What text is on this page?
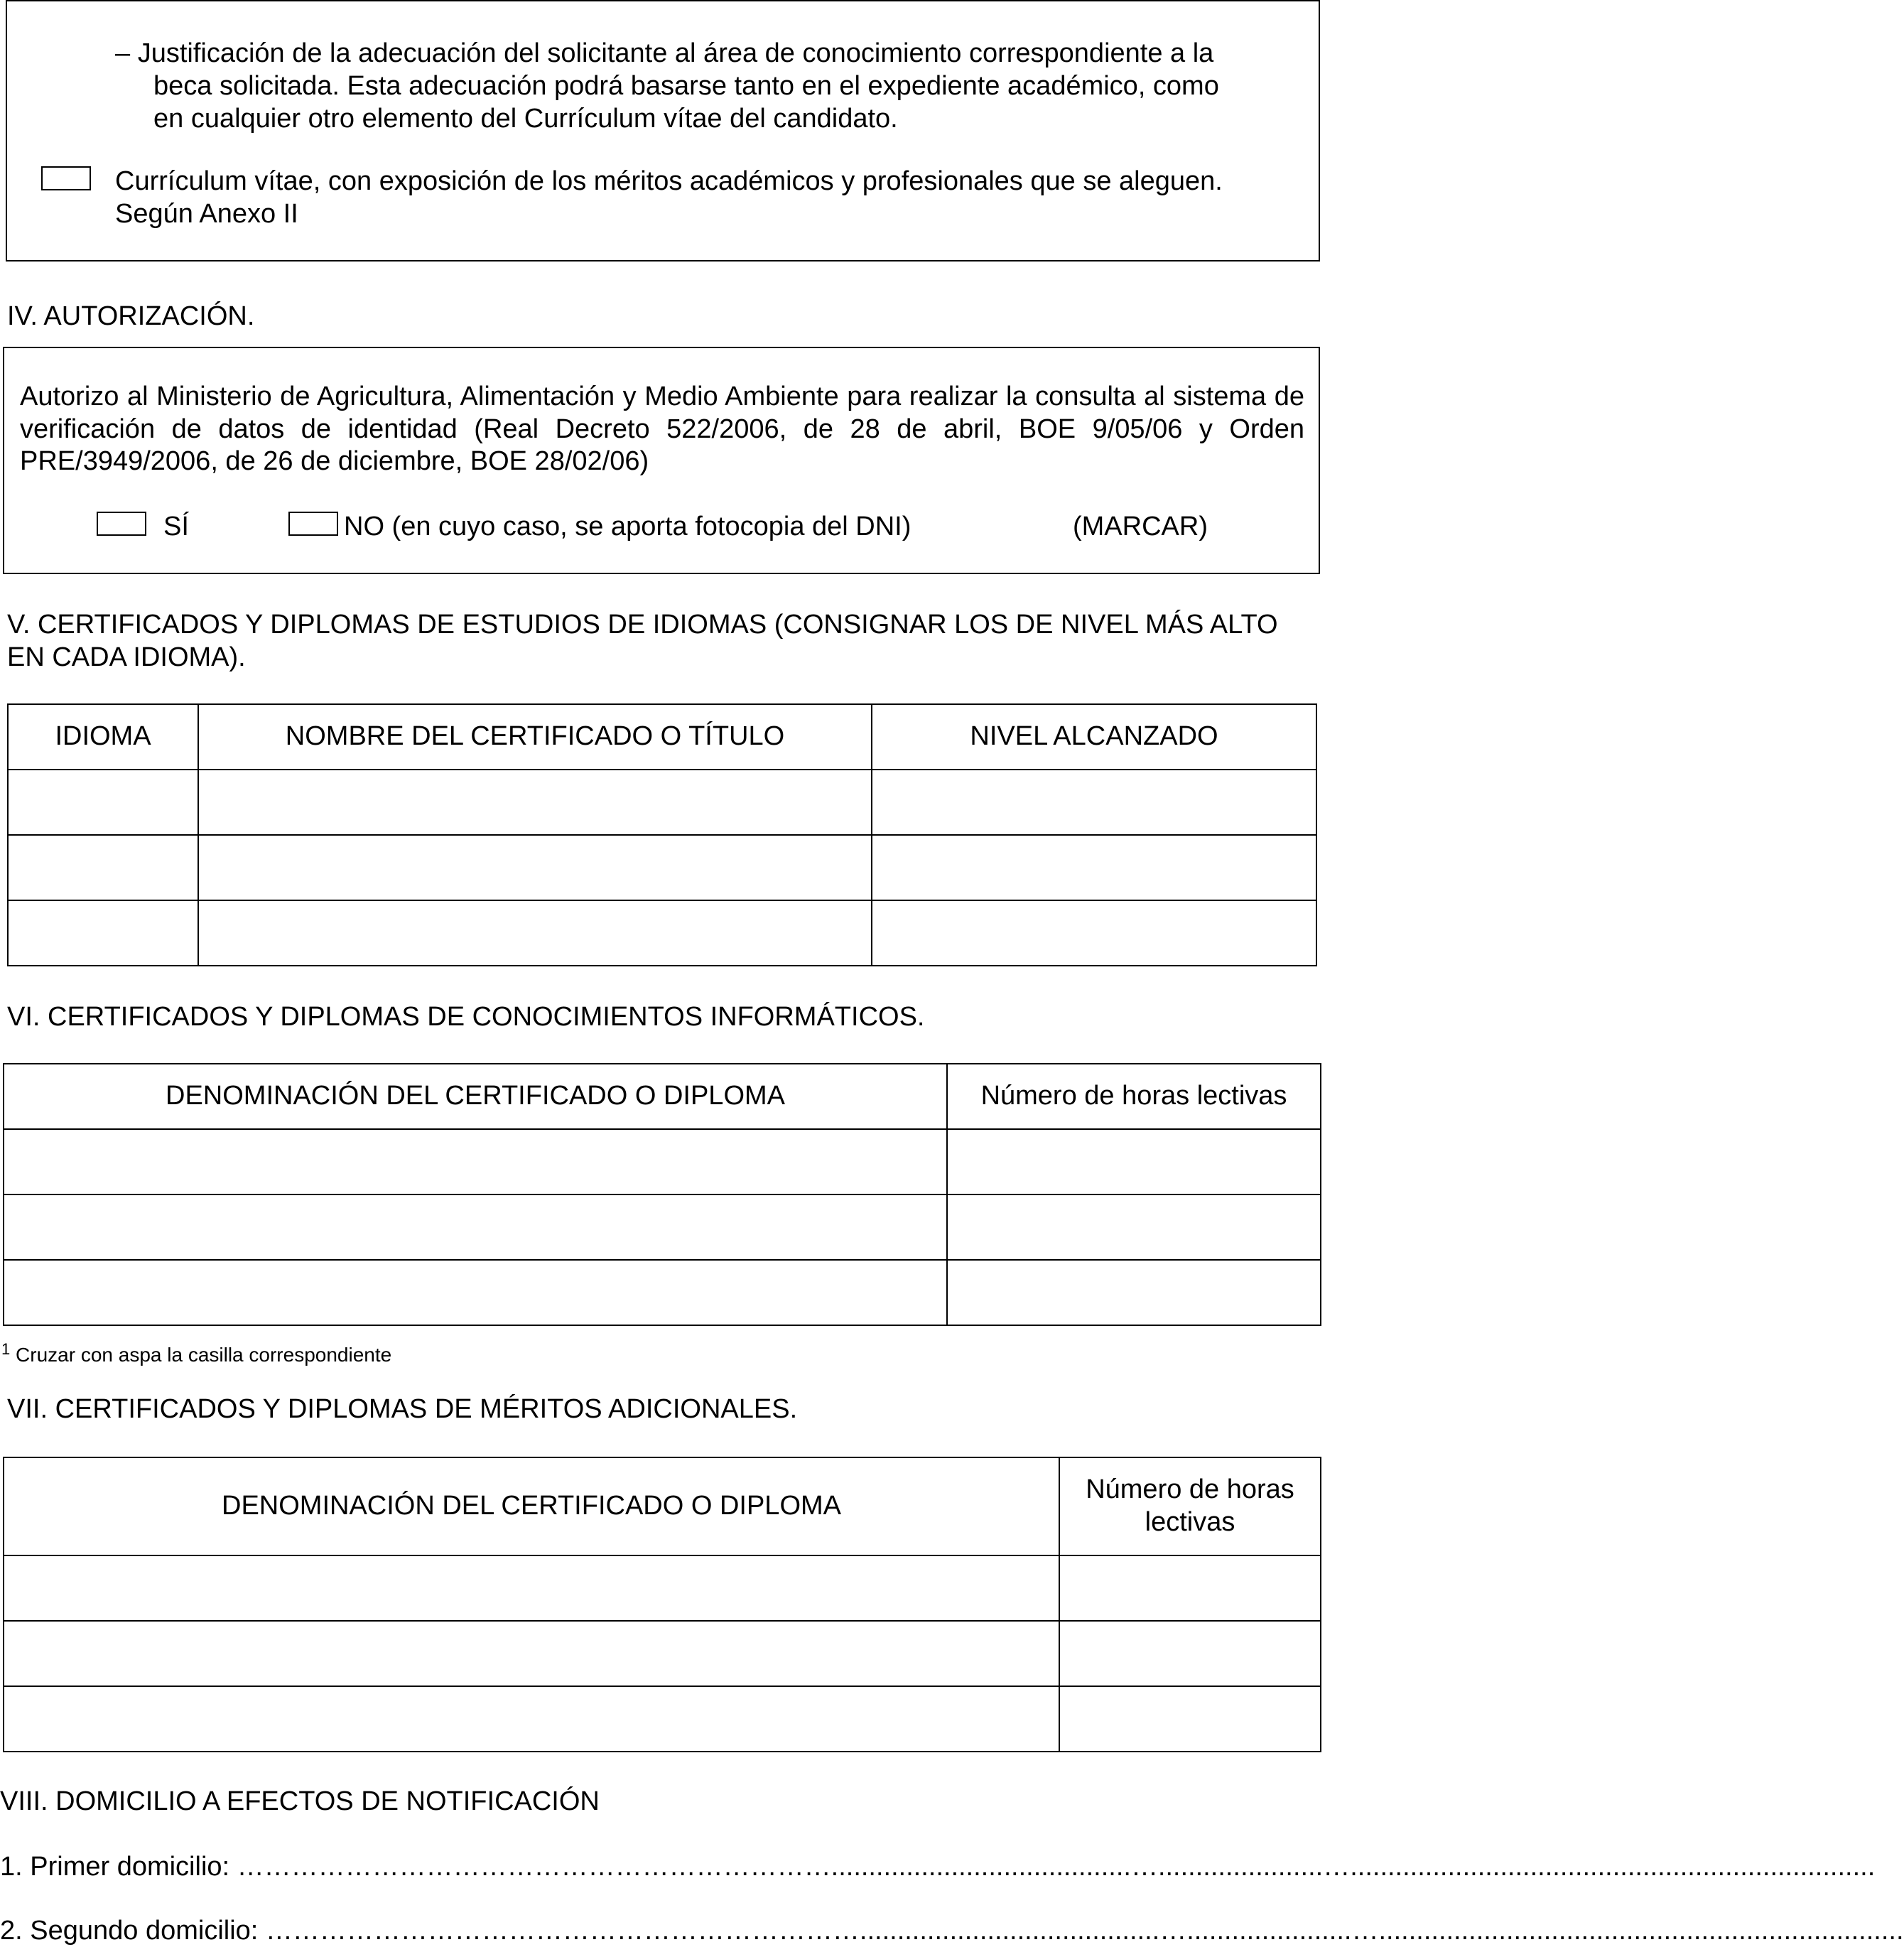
– Justificación de la adecuación del solicitante al área de conocimiento correspondiente a la
beca solicitada. Esta adecuación podrá basarse tanto en el expediente académico, como
en cualquier otro elemento del Currículum vítae del candidato.
Currículum vítae, con exposición de los méritos académicos y profesionales que se aleguen.
Según Anexo II
IV. AUTORIZACIÓN.
Autorizo al Ministerio de Agricultura, Alimentación y Medio Ambiente para realizar la consulta al sistema de verificación de datos de identidad (Real Decreto 522/2006, de 28 de abril, BOE 9/05/06 y Orden PRE/3949/2006, de 26 de diciembre, BOE 28/02/06)
SÍ	NO (en cuyo caso, se aporta fotocopia del DNI)	(MARCAR)
V. CERTIFICADOS Y DIPLOMAS DE ESTUDIOS DE IDIOMAS (CONSIGNAR LOS DE NIVEL MÁS ALTO
EN CADA IDIOMA).
IDIOMA	NOMBRE DEL CERTIFICADO O TÍTULO	NIVEL ALCANZADO

VI. CERTIFICADOS Y DIPLOMAS DE CONOCIMIENTOS INFORMÁTICOS.
DENOMINACIÓN DEL CERTIFICADO O DIPLOMA	Número de horas lectivas

$^1$ Cruzar con aspa la casilla correspondiente
VII. CERTIFICADOS Y DIPLOMAS DE MÉRITOS ADICIONALES.
DENOMINACIÓN DEL CERTIFICADO O DIPLOMA	Número de horas
lectivas

VIII. DOMICILIO A EFECTOS DE NOTIFICACIÓN
1. Primer domicilio: …………………………………………………………........................................…......................…......................................................................
2. Segundo domicilio: …………………………………………………………........................................…......................…......................................................................
